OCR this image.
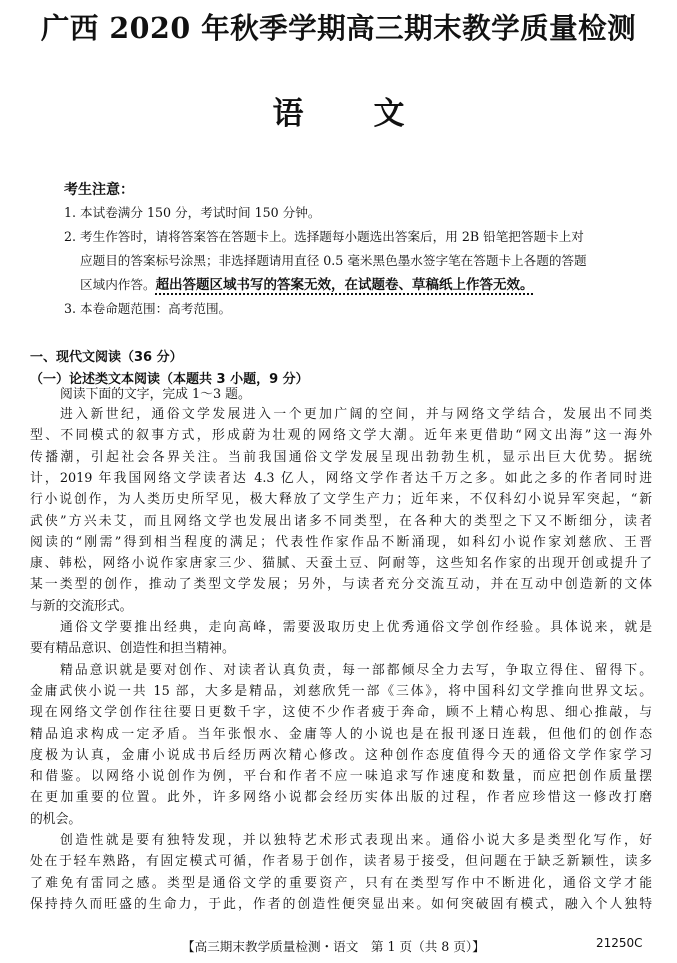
广西 2020 年秋季学期高三期末教学质量检测
语文
考生注意：
1. 本试卷满分 150 分，考试时间 150 分钟。
2. 考生作答时，请将答案答在答题卡上。选择题每小题选出答案后，用 2B 铅笔把答题卡上对
应题目的答案标号涂黑；非选择题请用直径 0.5 毫米黑色墨水签字笔在答题卡上各题的答题
区域内作答。超出答题区域书写的答案无效，在试题卷、草稿纸上作答无效。
3. 本卷命题范围：高考范围。
一、现代文阅读（36 分）
（一）论述类文本阅读（本题共 3 小题，9 分）
阅读下面的文字，完成 1～3 题。
【高三期末教学质量检测・语文　第 1 页（共 8 页）】	21250C
进入新世纪，通俗文学发展进入一个更加广阔的空间，并与网络文学结合，发展出不同类
型、不同模式的叙事方式，形成蔚为壮观的网络文学大潮。近年来更借助“网文出海”这一海外
传播潮，引起社会各界关注。当前我国通俗文学发展呈现出勃勃生机，显示出巨大优势。据统
计，2019 年我国网络文学读者达 4.3 亿人，网络文学作者达千万之多。如此之多的作者同时进
行小说创作，为人类历史所罕见，极大释放了文学生产力；近年来，不仅科幻小说异军突起，“新
武侠”方兴未艾，而且网络文学也发展出诸多不同类型，在各种大的类型之下又不断细分，读者
阅读的“刚需”得到相当程度的满足；代表性作家作品不断涌现，如科幻小说作家刘慈欣、王晋
康、韩松，网络小说作家唐家三少、猫腻、天蚕土豆、阿耐等，这些知名作家的出现开创或提升了
某一类型的创作，推动了类型文学发展；另外，与读者充分交流互动，并在互动中创造新的文体
与新的交流形式。
通俗文学要推出经典，走向高峰，需要汲取历史上优秀通俗文学创作经验。具体说来，就是
要有精品意识、创造性和担当精神。
精品意识就是要对创作、对读者认真负责，每一部都倾尽全力去写，争取立得住、留得下。
金庸武侠小说一共 15 部，大多是精品，刘慈欣凭一部《三体》，将中国科幻文学推向世界文坛。
现在网络文学创作往往要日更数千字，这使不少作者疲于奔命，顾不上精心构思、细心推敲，与
精品追求构成一定矛盾。当年张恨水、金庸等人的小说也是在报刊逐日连载，但他们的创作态
度极为认真，金庸小说成书后经历两次精心修改。这种创作态度值得今天的通俗文学作家学习
和借鉴。以网络小说创作为例，平台和作者不应一味追求写作速度和数量，而应把创作质量摆
在更加重要的位置。此外，许多网络小说都会经历实体出版的过程，作者应珍惜这一修改打磨
的机会。
创造性就是要有独特发现，并以独特艺术形式表现出来。通俗小说大多是类型化写作，好
处在于轻车熟路，有固定模式可循，作者易于创作，读者易于接受，但问题在于缺乏新颖性，读多
了难免有雷同之感。类型是通俗文学的重要资产，只有在类型写作中不断进化，通俗文学才能
保持持久而旺盛的生命力，于此，作者的创造性便突显出来。如何突破固有模式，融入个人独特
